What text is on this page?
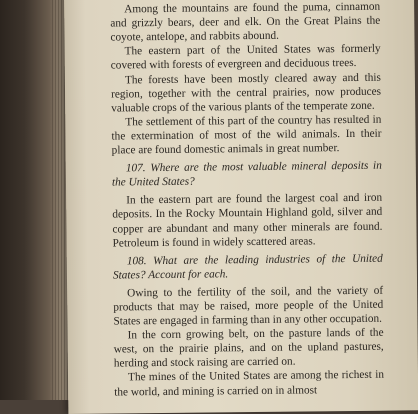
Among the mountains are found the puma, cinnamon and grizzly bears, deer and elk. On the Great Plains the coyote, antelope, and rabbits abound.

The eastern part of the United States was formerly covered with forests of evergreen and deciduous trees.

The forests have been mostly cleared away and this region, together with the central prairies, now produces valuable crops of the various plants of the temperate zone.

The settlement of this part of the country has resulted in the extermination of most of the wild animals. In their place are found domestic animals in great number.

107. Where are the most valuable mineral deposits in the United States?

In the eastern part are found the largest coal and iron deposits. In the Rocky Mountain Highland gold, silver and copper are abundant and many other minerals are found. Petroleum is found in widely scattered areas.

108. What are the leading industries of the United States? Account for each.

Owing to the fertility of the soil, and the variety of products that may be raised, more people of the United States are engaged in farming than in any other occupation.

In the corn growing belt, on the pasture lands of the west, on the prairie plains, and on the upland pastures, herding and stock raising are carried on.

The mines of the United States are among the richest in the world, and mining is carried on in almost
